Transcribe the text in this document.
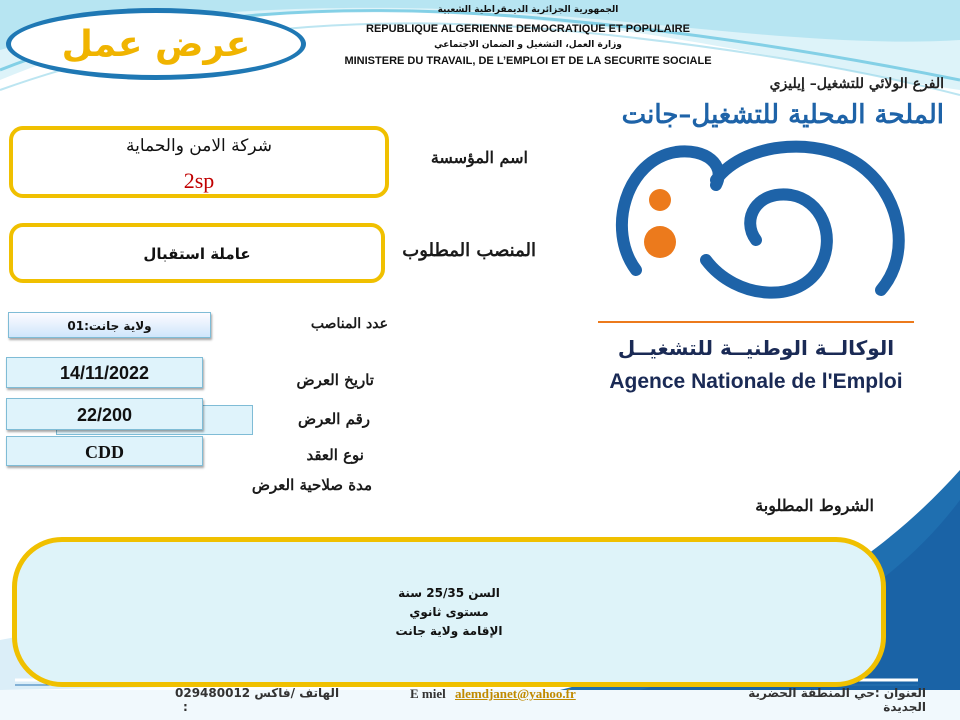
عرض عمل
الجمهورية الجزائرية الديمقراطية الشعبية
REPUBLIQUE ALGERIENNE DEMOCRATIQUE ET POPULAIRE
وزارة العمل، التشغيل و الضمان الاجتماعي
MINISTERE DU TRAVAIL, DE L’EMPLOI ET DE LA SECURITE SOCIALE
الفرع الولائي للتشغيل– إيليزي
الملحة المحلية للتشغيل–جانت
الوكالــة الوطنيــة للتشغيــل
Agence Nationale de l'Emploi
شركة الامن والحماية
2sp
اسم المؤسسة
عاملة استقبال	المنصب المطلوب
ولاية جانت:01	عدد المناصب
14/11/2022	تاريخ العرض
22/200	رقم العرض
CDD	نوع العقد
مدة صلاحية العرض
الشروط المطلوبة
السن 25/35 سنة
مستوى ثانوي
الإقامة ولاية جانت
029480012 الهاتف /فاكس :
E miel alemdjanet@yahoo.fr	العنوان :حي المنطقة الحضرية الجديدة
